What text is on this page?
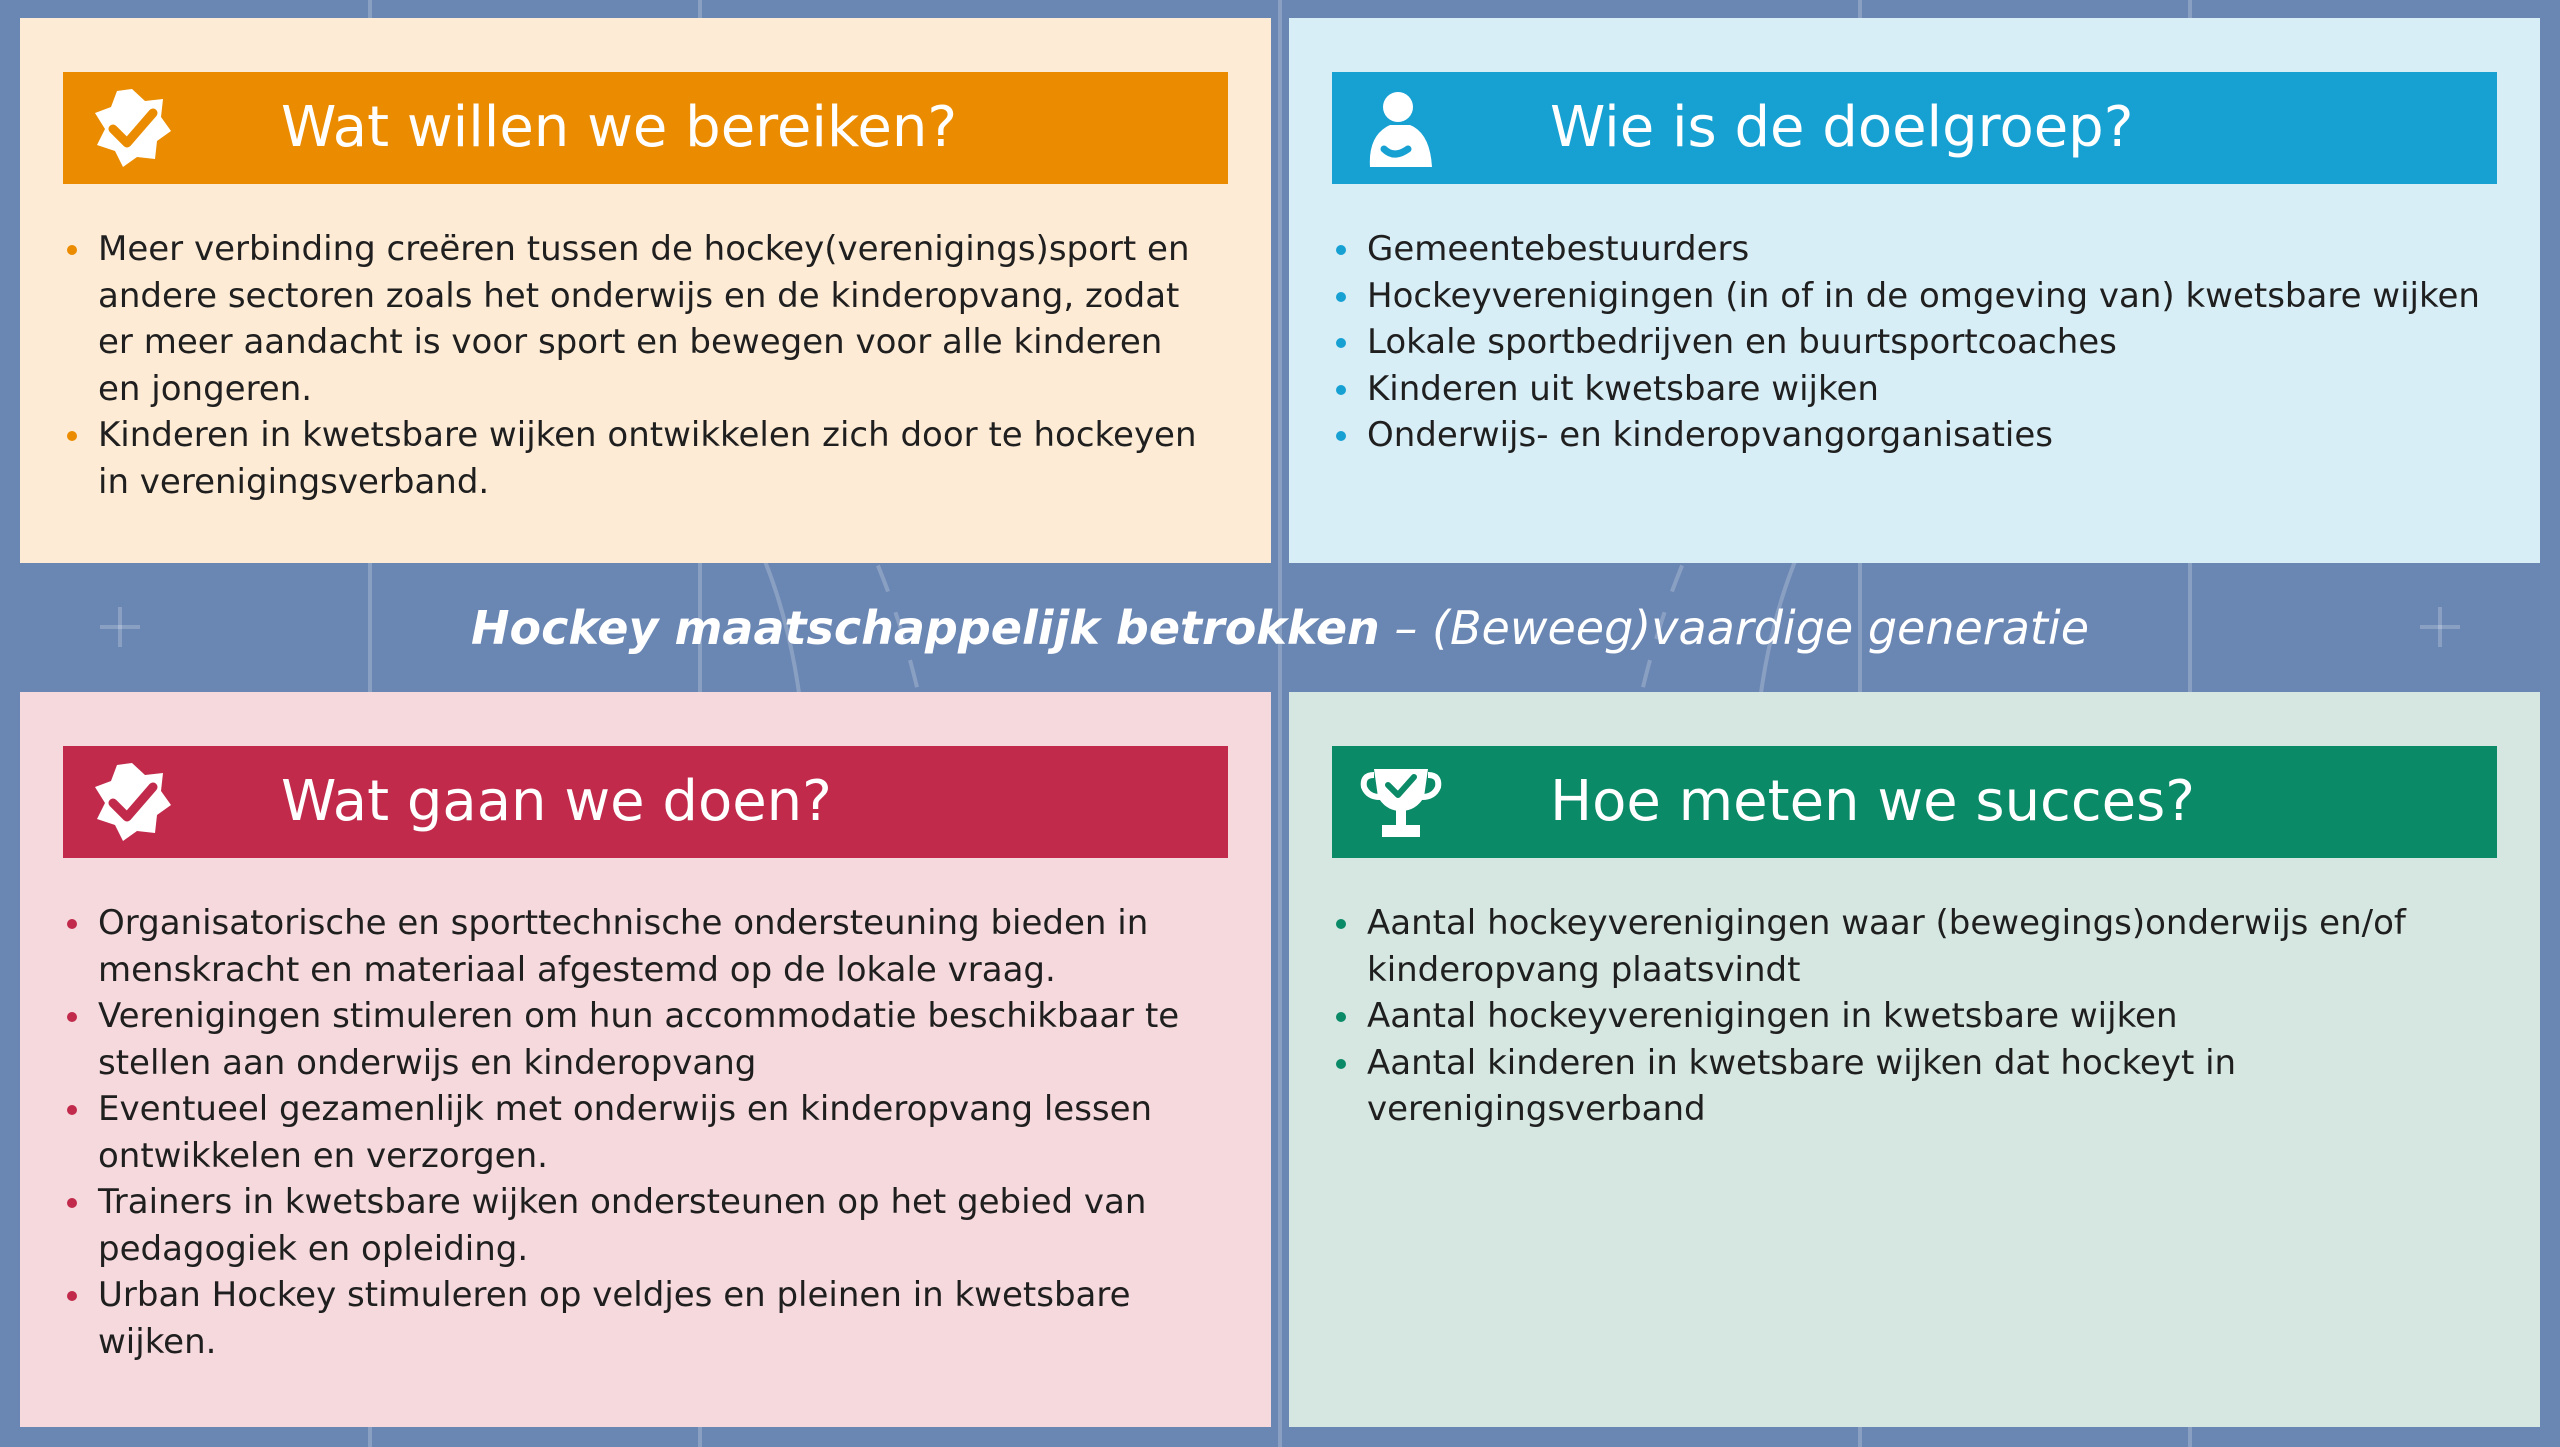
Wat willen we bereiken?
Meer verbinding creëren tussen de hockey(verenigings)sport en andere sectoren zoals het onderwijs en de kinderopvang, zodat er meer aandacht is voor sport en bewegen voor alle kinderen en jongeren.
Kinderen in kwetsbare wijken ontwikkelen zich door te hockeyen in verenigingsverband.
Wie is de doelgroep?
Gemeentebestuurders
Hockeyverenigingen (in of in de omgeving van) kwetsbare wijken
Lokale sportbedrijven en buurtsportcoaches
Kinderen uit kwetsbare wijken
Onderwijs- en kinderopvangorganisaties
Hockey maatschappelijk betrokken – (Beweeg)vaardige generatie
Wat gaan we doen?
Organisatorische en sporttechnische ondersteuning bieden in menskracht en materiaal afgestemd op de lokale vraag.
Verenigingen stimuleren om hun accommodatie beschikbaar te stellen aan onderwijs en kinderopvang
Eventueel gezamenlijk met onderwijs en kinderopvang lessen ontwikkelen en verzorgen.
Trainers in kwetsbare wijken ondersteunen op het gebied van pedagogiek en opleiding.
Urban Hockey stimuleren op veldjes en pleinen in kwetsbare wijken.
Hoe meten we succes?
Aantal hockeyverenigingen waar (bewegings)onderwijs en/of kinderopvang plaatsvindt
Aantal hockeyverenigingen in kwetsbare wijken
Aantal kinderen in kwetsbare wijken dat hockeyt in verenigingsverband
